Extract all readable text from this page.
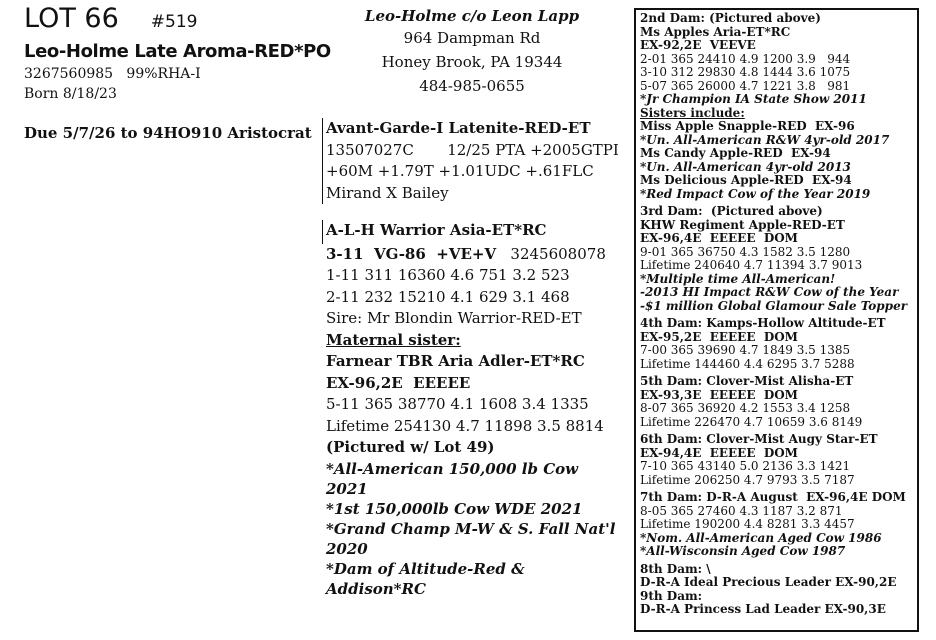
LOT 66 #519
Leo-Holme Late Aroma-RED*PO
3267560985   99%RHA-I
Born 8/18/23
Due 5/7/26 to 94HO910 Aristocrat
Leo-Holme c/o Leon Lapp
964 Dampman Rd
Honey Brook, PA 19344
484-985-0655
Avant-Garde-I Latenite-RED-ET
13507027C       12/25 PTA +2005GTPI
+60M +1.79T +1.01UDC +.61FLC
Mirand X Bailey
A-L-H Warrior Asia-ET*RC
3-11  VG-86  +VE+V 3245608078
1-11 311 16360 4.6 751 3.2 523
2-11 232 15210 4.1 629 3.1 468
Sire: Mr Blondin Warrior-RED-ET
Maternal sister:
Farnear TBR Aria Adler-ET*RC
EX-96,2E  EEEEE
5-11 365 38770 4.1 1608 3.4 1335
Lifetime 254130 4.7 11898 3.5 8814
(Pictured w/ Lot 49)
*All-American 150,000 lb Cow 2021
*1st 150,000lb Cow WDE 2021
*Grand Champ M-W & S. Fall Nat'l 2020
*Dam of Altitude-Red & Addison*RC
2nd Dam: (Pictured above)
Ms Apples Aria-ET*RC
EX-92,2E  VEEVE
2-01 365 24410 4.9 1200 3.9   944
3-10 312 29830 4.8 1444 3.6 1075
5-07 365 26000 4.7 1221 3.8   981
*Jr Champion IA State Show 2011
Sisters include:
Miss Apple Snapple-RED  EX-96
*Un. All-American R&W 4yr-old 2017
Ms Candy Apple-RED  EX-94
*Un. All-American 4yr-old 2013
Ms Delicious Apple-RED  EX-94
*Red Impact Cow of the Year 2019
3rd Dam:  (Pictured above)
KHW Regiment Apple-RED-ET
EX-96,4E  EEEEE  DOM
9-01 365 36750 4.3 1582 3.5 1280
Lifetime 240640 4.7 11394 3.7 9013
*Multiple time All-American!
-2013 HI Impact R&W Cow of the Year
-$1 million Global Glamour Sale Topper
4th Dam: Kamps-Hollow Altitude-ET
EX-95,2E  EEEEE  DOM
7-00 365 39690 4.7 1849 3.5 1385
Lifetime 144460 4.4 6295 3.7 5288
5th Dam: Clover-Mist Alisha-ET
EX-93,3E  EEEEE  DOM
8-07 365 36920 4.2 1553 3.4 1258
Lifetime 226470 4.7 10659 3.6 8149
6th Dam: Clover-Mist Augy Star-ET
EX-94,4E  EEEEE  DOM
7-10 365 43140 5.0 2136 3.3 1421
Lifetime 206250 4.7 9793 3.5 7187
7th Dam: D-R-A August  EX-96,4E DOM
8-05 365 27460 4.3 1187 3.2 871
Lifetime 190200 4.4 8281 3.3 4457
*Nom. All-American Aged Cow 1986
*All-Wisconsin Aged Cow 1987
8th Dam: \
D-R-A Ideal Precious Leader EX-90,2E
9th Dam:
D-R-A Princess Lad Leader EX-90,3E
